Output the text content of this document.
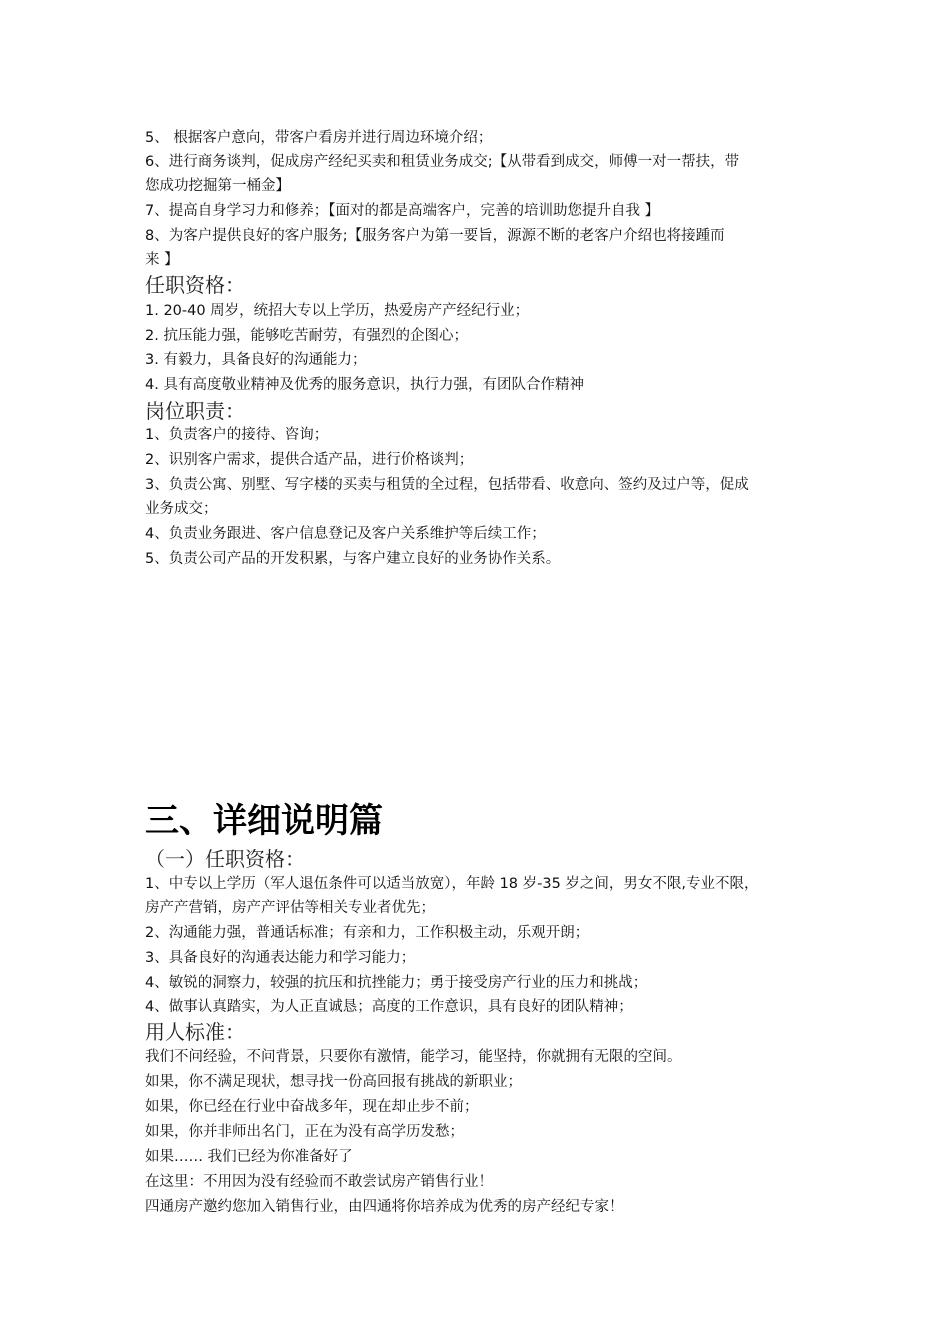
5、 根据客户意向，带客户看房并进行周边环境介绍；

6、进行商务谈判，促成房产经纪买卖和租赁业务成交;【从带看到成交，师傅一对一帮扶，带

您成功挖掘第一桶金】

7、提高自身学习力和修养；【面对的都是高端客户，完善的培训助您提升自我 】

8、为客户提供良好的客户服务;【服务客户为第一要旨，源源不断的老客户介绍也将接踵而

来 】

任职资格：

1. 20-40 周岁，统招大专以上学历，热爱房产产经纪行业；

2. 抗压能力强，能够吃苦耐劳，有强烈的企图心；

3. 有毅力，具备良好的沟通能力；

4. 具有高度敬业精神及优秀的服务意识，执行力强，有团队合作精神

岗位职责：

1、负责客户的接待、咨询；

2、识别客户需求，提供合适产品，进行价格谈判；

3、负责公寓、别墅、写字楼的买卖与租赁的全过程，包括带看、收意向、签约及过户等，促成

业务成交；

4、负责业务跟进、客户信息登记及客户关系维护等后续工作；

5、负责公司产品的开发积累，与客户建立良好的业务协作关系。

三、详细说明篇

（一）任职资格：

1、中专以上学历（军人退伍条件可以适当放宽），年龄 18 岁-35 岁之间，男女不限,专业不限，

房产产营销，房产产评估等相关专业者优先；

2、沟通能力强，普通话标准；有亲和力，工作积极主动，乐观开朗；

3、具备良好的沟通表达能力和学习能力；

4、敏锐的洞察力，较强的抗压和抗挫能力；勇于接受房产行业的压力和挑战；

4、做事认真踏实，为人正直诚恳；高度的工作意识，具有良好的团队精神；

用人标准：

我们不问经验，不问背景，只要你有激情，能学习，能坚持，你就拥有无限的空间。

如果，你不满足现状，想寻找一份高回报有挑战的新职业；

如果，你已经在行业中奋战多年，现在却止步不前；

如果，你并非师出名门，正在为没有高学历发愁；

如果…… 我们已经为你准备好了

在这里：不用因为没有经验而不敢尝试房产销售行业！

四通房产邀约您加入销售行业，由四通将你培养成为优秀的房产经纪专家！
